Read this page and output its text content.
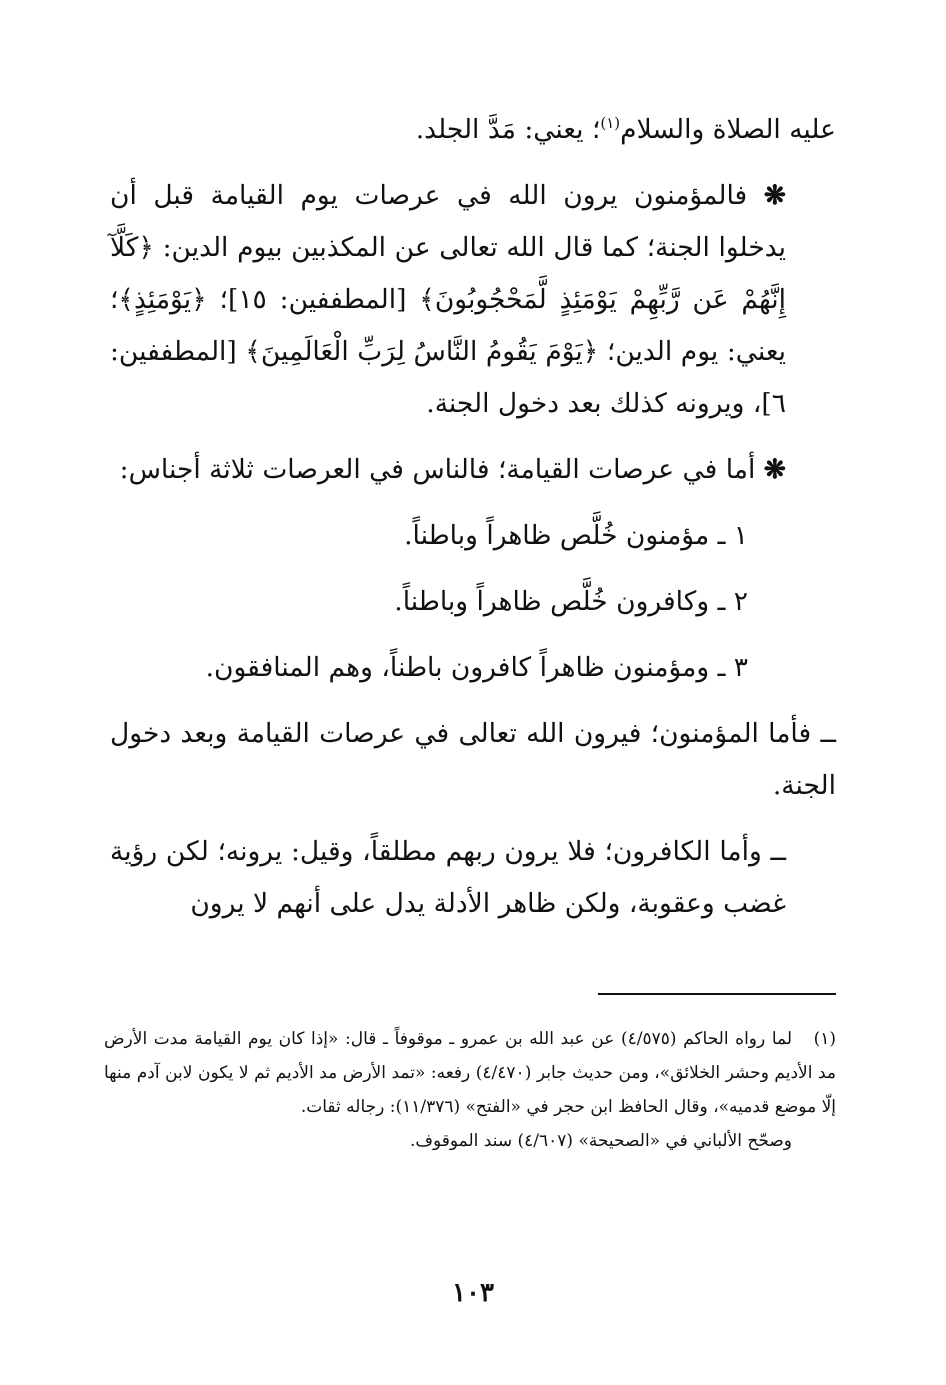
عليه الصلاة والسلام$^{(١)}$؛ يعني: مَدَّ الجلد.

❋ فالمؤمنون يرون الله في عرصات يوم القيامة قبل أن يدخلوا الجنة؛ كما قال الله تعالى عن المكذبين بيوم الدين: ﴿كَلَّآ إِنَّهُمْ عَن رَّبِّهِمْ يَوْمَئِذٍ لَّمَحْجُوبُونَ﴾ [المطففين: ١٥]؛ ﴿يَوْمَئِذٍ﴾؛ يعني: يوم الدين؛ ﴿يَوْمَ يَقُومُ النَّاسُ لِرَبِّ الْعَالَمِينَ﴾ [المطففين: ٦]، ويرونه كذلك بعد دخول الجنة.

❋ أما في عرصات القيامة؛ فالناس في العرصات ثلاثة أجناس:

١ ـ مؤمنون خُلَّص ظاهراً وباطناً.

٢ ـ وكافرون خُلَّص ظاهراً وباطناً.

٣ ـ ومؤمنون ظاهراً كافرون باطناً، وهم المنافقون.

ــ فأما المؤمنون؛ فيرون الله تعالى في عرصات القيامة وبعد دخول الجنة.

ــ وأما الكافرون؛ فلا يرون ربهم مطلقاً، وقيل: يرونه؛ لكن رؤية غضب وعقوبة، ولكن ظاهر الأدلة يدل على أنهم لا يرون

(١)لما رواه الحاكم (٤/٥٧٥) عن عبد الله بن عمرو ـ موقوفاً ـ قال: «إذا كان يوم القيامة مدت الأرض مد الأديم وحشر الخلائق»، ومن حديث جابر (٤/٤٧٠) رفعه: «تمد الأرض مد الأديم ثم لا يكون لابن آدم منها إلّا موضع قدميه»، وقال الحافظ ابن حجر في «الفتح» (١١/٣٧٦): رجاله ثقات.

وصحّح الألباني في «الصحيحة» (٤/٦٠٧) سند الموقوف.

١٠٣
